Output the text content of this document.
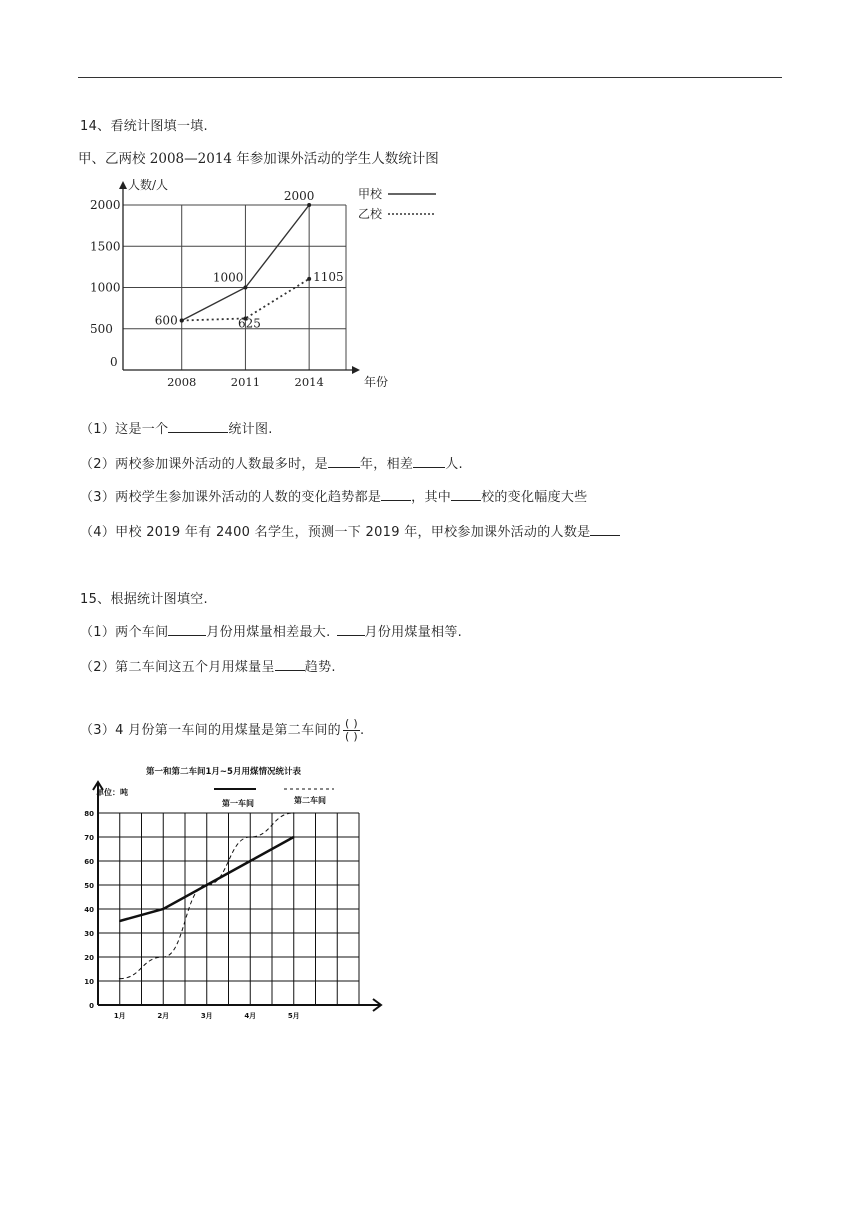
14、看统计图填一填.
甲、乙两校 2008—2014 年参加课外活动的学生人数统计图
0
500
1000
1500
2000
2008	2011	2014
600
1000
2000
625
1105
人数/人
年份
甲校
乙校
（1）这是一个	统计图.
（2）两校参加课外活动的人数最多时，是 年，相差 人.
（3）两校学生参加课外活动的人数的变化趋势都是 ，其中 校的变化幅度大些
（4）甲校 2019 年有 2400 名学生，预测一下 2019 年，甲校参加课外活动的人数是
15、根据统计图填空.
（1）两个车间	月份用煤量相差最大.	月份用煤量相等.
（2）第二车间这五个月用煤量呈 趋势.
（3）4 月份第一车间的用煤量是第二车间的 $\frac{( )}{( )}$ .
第一和第二车间1月~5月用煤情况统计表
单位：吨
第一车间	第二车间
0
10
20
30
40
50
60
70
80
1月	2月	3月	4月	5月
